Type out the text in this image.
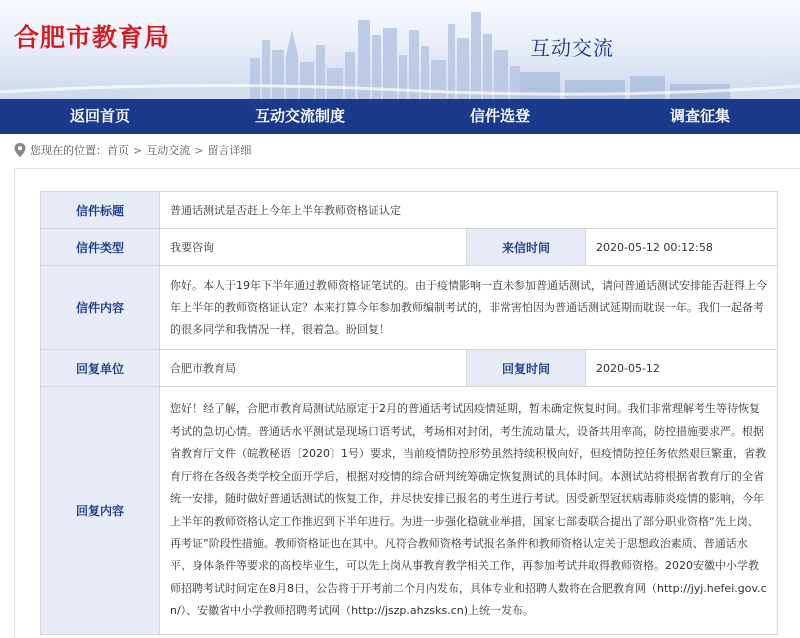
合肥市教育局	互动交流
返回首页	互动交流制度	信件选登	调查征集
您现在的位置： 首页 > 互动交流 > 留言详细
信件标题	普通话测试是否赶上今年上半年教师资格证认定		
信件类型	我要咨询	来信时间	2020-05-12 00:12:58
信件内容	你好。本人于19年下半年通过教师资格证笔试的。由于疫情影响一直未参加普通话测试，请问普通话测试安排能否赶得上今年上半年的教师资格证认定？本来打算今年参加教师编制考试的，非常害怕因为普通话测试延期而耽误一年。我们一起备考的很多同学和我情况一样，很着急。盼回复！		
回复单位	合肥市教育局	回复时间	2020-05-12
回复内容	您好！经了解，合肥市教育局测试站原定于2月的普通话考试因疫情延期，暂未确定恢复时间。我们非常理解考生等待恢复考试的急切心情。普通话水平测试是现场口语考试，考场相对封闭，考生流动量大，设备共用率高，防控措施要求严。根据省教育厅文件（皖教秘语〔2020〕1号）要求，当前疫情防控形势虽然持续积极向好，但疫情防控任务依然艰巨繁重，省教育厅将在各级各类学校全面开学后，根据对疫情的综合研判统筹确定恢复测试的具体时间。本测试站将根据省教育厅的全省统一安排，随时做好普通话测试的恢复工作，并尽快安排已报名的考生进行考试。因受新型冠状病毒肺炎疫情的影响，今年上半年的教师资格认定工作推迟到下半年进行。为进一步强化稳就业举措，国家七部委联合提出了部分职业资格“先上岗、再考证”阶段性措施。教师资格证也在其中。凡符合教师资格考试报名条件和教师资格认定关于思想政治素质、普通话水平、身体条件等要求的高校毕业生，可以先上岗从事教育教学相关工作，再参加考试并取得教师资格。2020安徽中小学教师招聘考试时间定在8月8日，公告将于开考前二个月内发布，具体专业和招聘人数将在合肥教育网（http://jyj.hefei.gov.cn/）、安徽省中小学教师招聘考试网（http://jszp.ahzsks.cn)上统一发布。		
